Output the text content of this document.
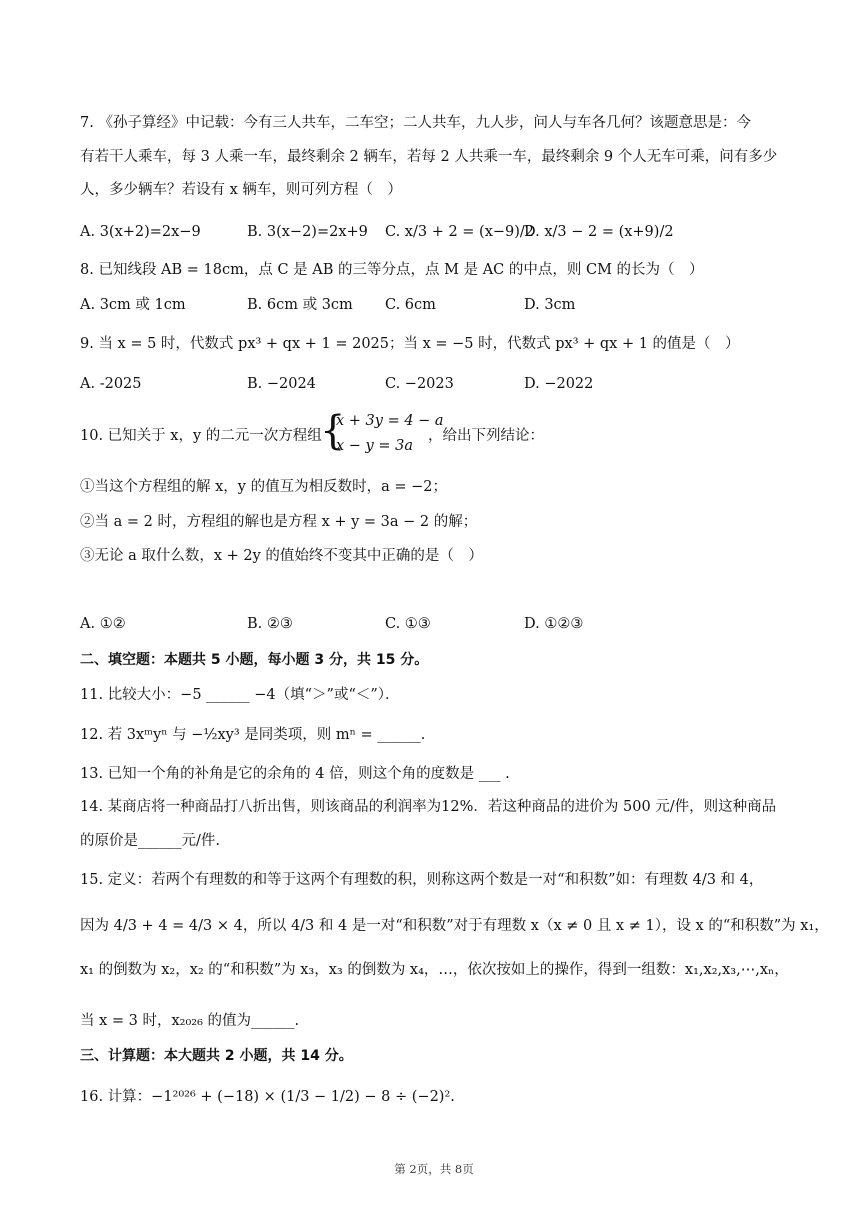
7. 《孙子算经》中记载：今有三人共车，二车空；二人共车，九人步，问人与车各几何？该题意思是：今
有若干人乘车，每 3 人乘一车，最终剩余 2 辆车，若每 2 人共乘一车，最终剩余 9 个人无车可乘，问有多少
人，多少辆车？若设有 x 辆车，则可列方程（　）
A. 3(x+2)=2x−9	B. 3(x−2)=2x+9 C. x/3 + 2 = (x−9)/2
D. x/3 − 2 = (x+9)/2
8. 已知线段 AB = 18cm，点 C 是 AB 的三等分点，点 M 是 AC 的中点，则 CM 的长为（　）
A. 3cm 或 1cm	B. 6cm 或 3cm C. 6cm	D. 3cm
9. 当 x = 5 时，代数式 px³ + qx + 1 = 2025；当 x = −5 时，代数式 px³ + qx + 1 的值是（　）
A. -2025	B. −2024	C. −2023	D. −2022
10. 已知关于 x，y 的二元一次方程组
{
x + 3y = 4 − a
x − y = 3a
，给出下列结论：
①当这个方程组的解 x，y 的值互为相反数时，a = −2；
②当 a = 2 时，方程组的解也是方程 x + y = 3a − 2 的解；
③无论 a 取什么数，x + 2y 的值始终不变其中正确的是（　）
A. ①②	B. ②③	C. ①③	D. ①②③
二、填空题：本题共 5 小题，每小题 3 分，共 15 分。
11. 比较大小：−5 ______ −4（填“＞”或“＜”）．
12. 若 3xᵐyⁿ 与 −½xy³ 是同类项，则 mⁿ = ______.
13. 已知一个角的补角是它的余角的 4 倍，则这个角的度数是 ___ .
14. 某商店将一种商品打八折出售，则该商品的利润率为12%．若这种商品的进价为 500 元/件，则这种商品
的原价是______元/件.
15. 定义：若两个有理数的和等于这两个有理数的积，则称这两个数是一对“和积数”如：有理数 4/3 和 4，
因为 4/3 + 4 = 4/3 × 4，所以 4/3 和 4 是一对“和积数”对于有理数 x（x ≠ 0 且 x ≠ 1），设 x 的“和积数”为 x₁，
x₁ 的倒数为 x₂，x₂ 的“和积数”为 x₃，x₃ 的倒数为 x₄，…，依次按如上的操作，得到一组数：x₁,x₂,x₃,⋯,xₙ，
当 x = 3 时，x₂₀₂₆ 的值为______.
三、计算题：本大题共 2 小题，共 14 分。
16. 计算：−1²⁰²⁶ + (−18) × (1/3 − 1/2) − 8 ÷ (−2)².
第 2页，共 8页
